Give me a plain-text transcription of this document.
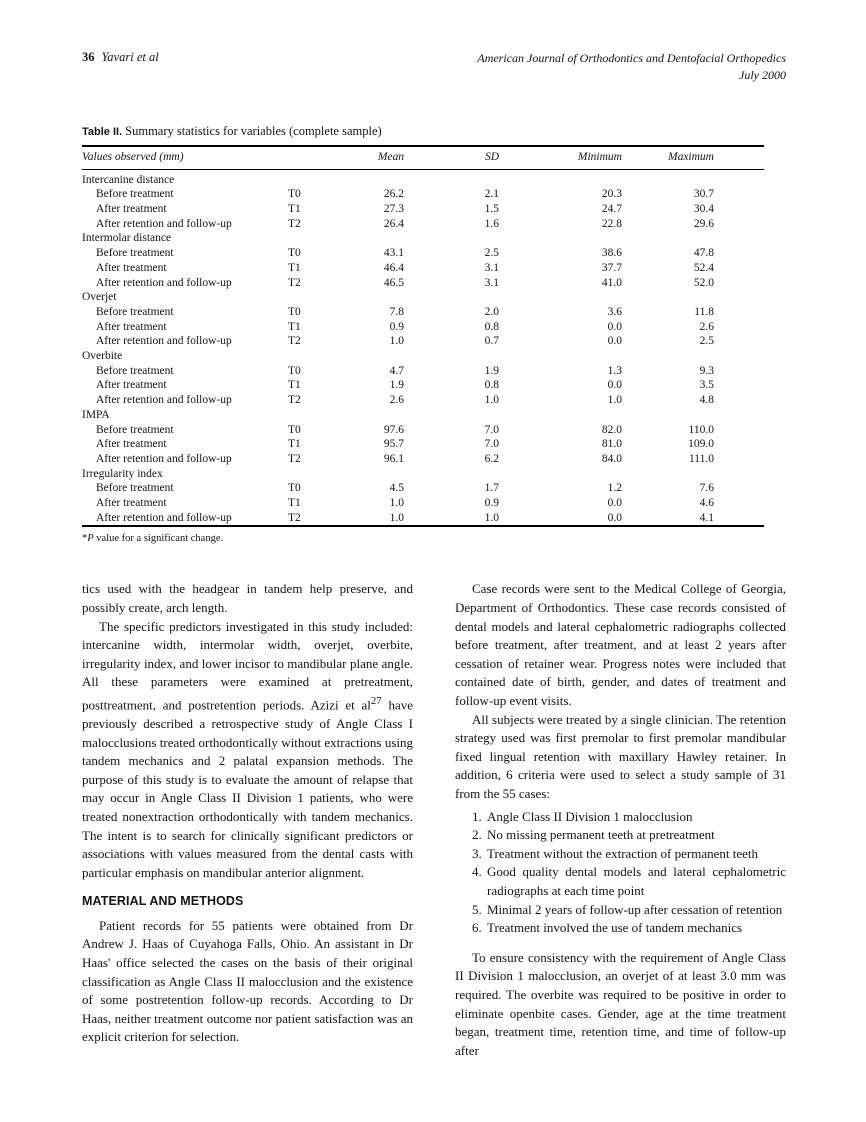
36 Yavari et al	American Journal of Orthodontics and Dentofacial Orthopedics
July 2000
Table II. Summary statistics for variables (complete sample)
Values observed (mm)		Mean	SD	Minimum	Maximum
Intercanine distance					
Before treatment	T0	26.2	2.1	20.3	30.7
After treatment	T1	27.3	1.5	24.7	30.4
After retention and follow-up	T2	26.4	1.6	22.8	29.6
Intermolar distance					
Before treatment	T0	43.1	2.5	38.6	47.8
After treatment	T1	46.4	3.1	37.7	52.4
After retention and follow-up	T2	46.5	3.1	41.0	52.0
Overjet					
Before treatment	T0	7.8	2.0	3.6	11.8
After treatment	T1	0.9	0.8	0.0	2.6
After retention and follow-up	T2	1.0	0.7	0.0	2.5
Overbite					
Before treatment	T0	4.7	1.9	1.3	9.3
After treatment	T1	1.9	0.8	0.0	3.5
After retention and follow-up	T2	2.6	1.0	1.0	4.8
IMPA					
Before treatment	T0	97.6	7.0	82.0	110.0
After treatment	T1	95.7	7.0	81.0	109.0
After retention and follow-up	T2	96.1	6.2	84.0	111.0
Irregularity index					
Before treatment	T0	4.5	1.7	1.2	7.6
After treatment	T1	1.0	0.9	0.0	4.6
After retention and follow-up	T2	1.0	1.0	0.0	4.1
*P value for a significant change.

tics used with the headgear in tandem help preserve, and possibly create, arch length.

The specific predictors investigated in this study included: intercanine width, intermolar width, overjet, overbite, irregularity index, and lower incisor to mandibular plane angle. All these parameters were examined at pretreatment, posttreatment, and postretention periods. Azizi et $al^{27}$ have previously described a retrospective study of Angle Class I malocclusions treated orthodontically without extractions using tandem mechanics and 2 palatal expansion methods. The purpose of this study is to evaluate the amount of relapse that may occur in Angle Class II Division 1 patients, who were treated nonextraction orthodontically with tandem mechanics. The intent is to search for clinically significant predictors or associations with values measured from the dental casts with particular emphasis on mandibular anterior alignment.

MATERIAL AND METHODS

Patient records for 55 patients were obtained from Dr Andrew J. Haas of Cuyahoga Falls, Ohio. An assistant in Dr Haas' office selected the cases on the basis of their original classification as Angle Class II malocclusion and the existence of some postretention follow-up records. According to Dr Haas, neither treatment outcome nor patient satisfaction was an explicit criterion for selection.

Case records were sent to the Medical College of Georgia, Department of Orthodontics. These case records consisted of dental models and lateral cephalometric radiographs collected before treatment, after treatment, and at least 2 years after cessation of retainer wear. Progress notes were included that contained date of birth, gender, and dates of treatment and follow-up event visits.

All subjects were treated by a single clinician. The retention strategy used was first premolar to first premolar mandibular fixed lingual retention with maxillary Hawley retainer. In addition, 6 criteria were used to select a study sample of 31 from the 55 cases:

1. Angle Class II Division 1 malocclusion
2. No missing permanent teeth at pretreatment
3. Treatment without the extraction of permanent teeth
4. Good quality dental models and lateral cephalometric radiographs at each time point
5. Minimal 2 years of follow-up after cessation of retention
6. Treatment involved the use of tandem mechanics

To ensure consistency with the requirement of Angle Class II Division 1 malocclusion, an overjet of at least 3.0 mm was required. The overbite was required to be positive in order to eliminate openbite cases. Gender, age at the time treatment began, treatment time, retention time, and time of follow-up after
